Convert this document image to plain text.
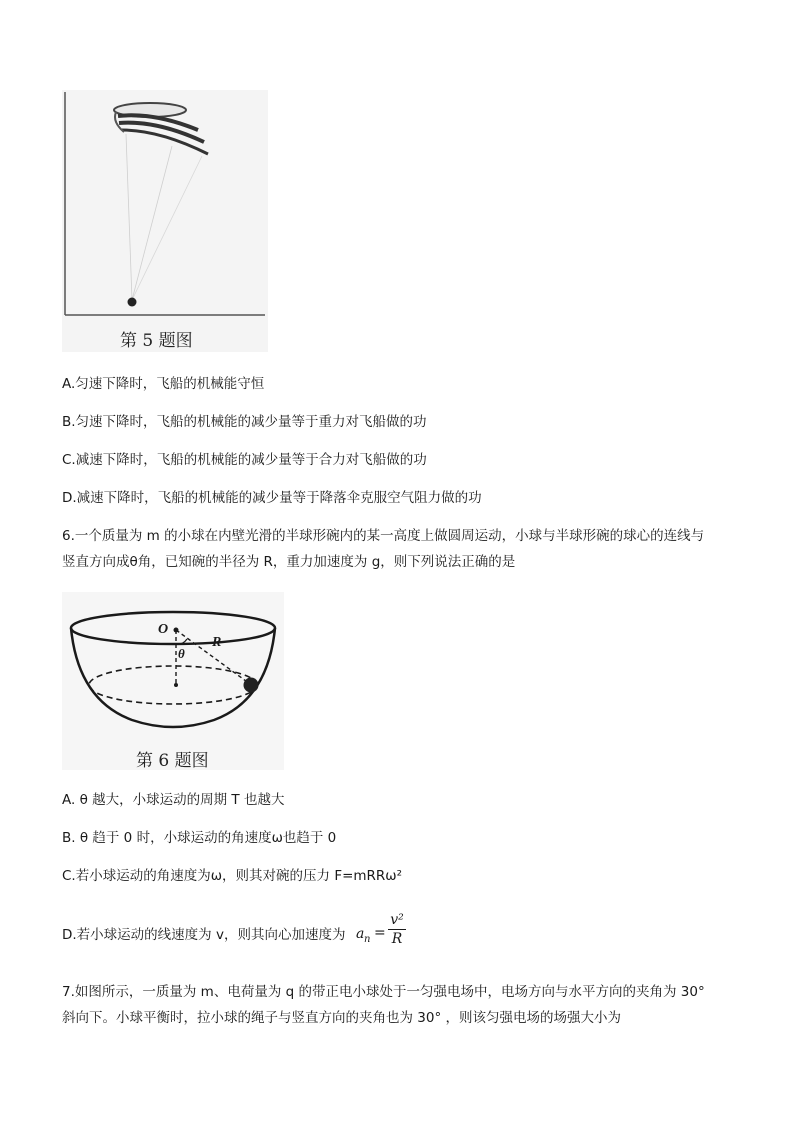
第 5 题图
A.匀速下降时，飞船的机械能守恒
B.匀速下降时，飞船的机械能的减少量等于重力对飞船做的功
C.减速下降时，飞船的机械能的减少量等于合力对飞船做的功
D.减速下降时，飞船的机械能的减少量等于降落伞克服空气阻力做的功
6.一个质量为 m 的小球在内壁光滑的半球形碗内的某一高度上做圆周运动，小球与半球形碗的球心的连线与
竖直方向成θ角，已知碗的半径为 R，重力加速度为 g，则下列说法正确的是
O
R
θ
第 6 题图
A. θ 越大，小球运动的周期 T 也越大
B. θ 趋于 0 时，小球运动的角速度ω也趋于 0
C.若小球运动的角速度为ω，则其对碗的压力 F=mRRω²
D.若小球运动的线速度为 v，则其向心加速度为 a n =
v²
R
7.如图所示，一质量为 m、电荷量为 q 的带正电小球处于一匀强电场中，电场方向与水平方向的夹角为 30°
斜向下。小球平衡时，拉小球的绳子与竖直方向的夹角也为 30° ，则该匀强电场的场强大小为
